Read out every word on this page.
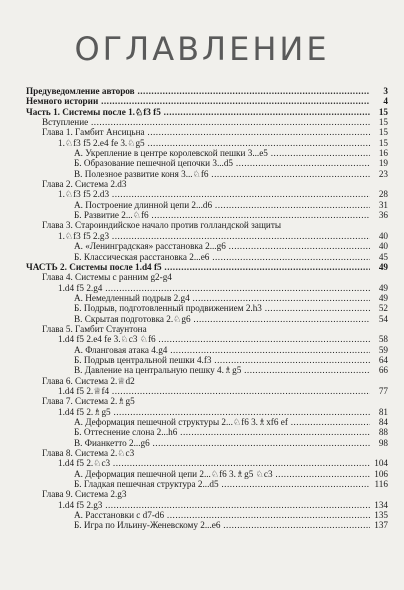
ОГЛАВЛЕНИЕ
Предуведомление авторов .....	3
Немного истории .....	4
Часть 1. Системы после 1.♘f3 f5 .....	15
Вступление .....	15
Глава 1. Гамбит Ансицьна .....	15
1.♘f3 f5 2.e4 fe 3.♘g5 .....	15
А. Укрепление в центре королевской пешки 3...e5 .....	16
Б. Образование пешечной цепочки 3...d5 .....	19
В. Полезное развитие коня 3...♘f6 .....	23
Глава 2. Система 2.d3
1.♘f3 f5 2.d3 .....	28
А. Построение длинной цепи 2...d6 .....	31
Б. Развитие 2...♘f6 .....	36
Глава 3. Староиндийское начало против голландской защиты
1.♘f3 f5 2.g3 .....	40
А. «Ленинградская» расстановка 2...g6 .....	40
Б. Классическая расстановка 2...e6 .....	45
ЧАСТЬ 2. Системы после 1.d4 f5 .....	49
Глава 4. Системы с ранним g2-g4
1.d4 f5 2.g4 .....	49
А. Немедленный подрыв 2.g4 .....	49
Б. Подрыв, подготовленный продвижением 2.h3 .....	52
В. Скрытая подготовка 2.♘g6 .....	54
Глава 5. Гамбит Стаунтона
1.d4 f5 2.e4 fe 3.♘c3 ♘f6 .....	58
А. Фланговая атака 4.g4 .....	59
Б. Подрыв центральной пешки 4.f3 .....	64
В. Давление на центральную пешку 4.♗g5 .....	66
Глава 6. Система 2.♕d2
1.d4 f5 2.♕f4 .....	77
Глава 7. Система 2.♗g5
1.d4 f5 2.♗g5 .....	81
А. Деформация пешечной структуры 2...♘f6 3.♗xf6 ef .....	84
Б. Оттеснение слона 2...h6 .....	88
В. Фианкетто 2...g6 .....	98
Глава 8. Система 2.♘c3
1.d4 f5 2.♘c3 .....	104
А. Деформация пешечной цепи 2...♘f6 3.♗g5 ♘c3 .....	106
Б. Гладкая пешечная структура 2...d5 .....	116
Глава 9. Система 2.g3
1.d4 f5 2.g3 .....	134
А. Расстановки с d7-d6 .....	135
Б. Игра по Ильину-Женевскому 2...e6 .....	137
